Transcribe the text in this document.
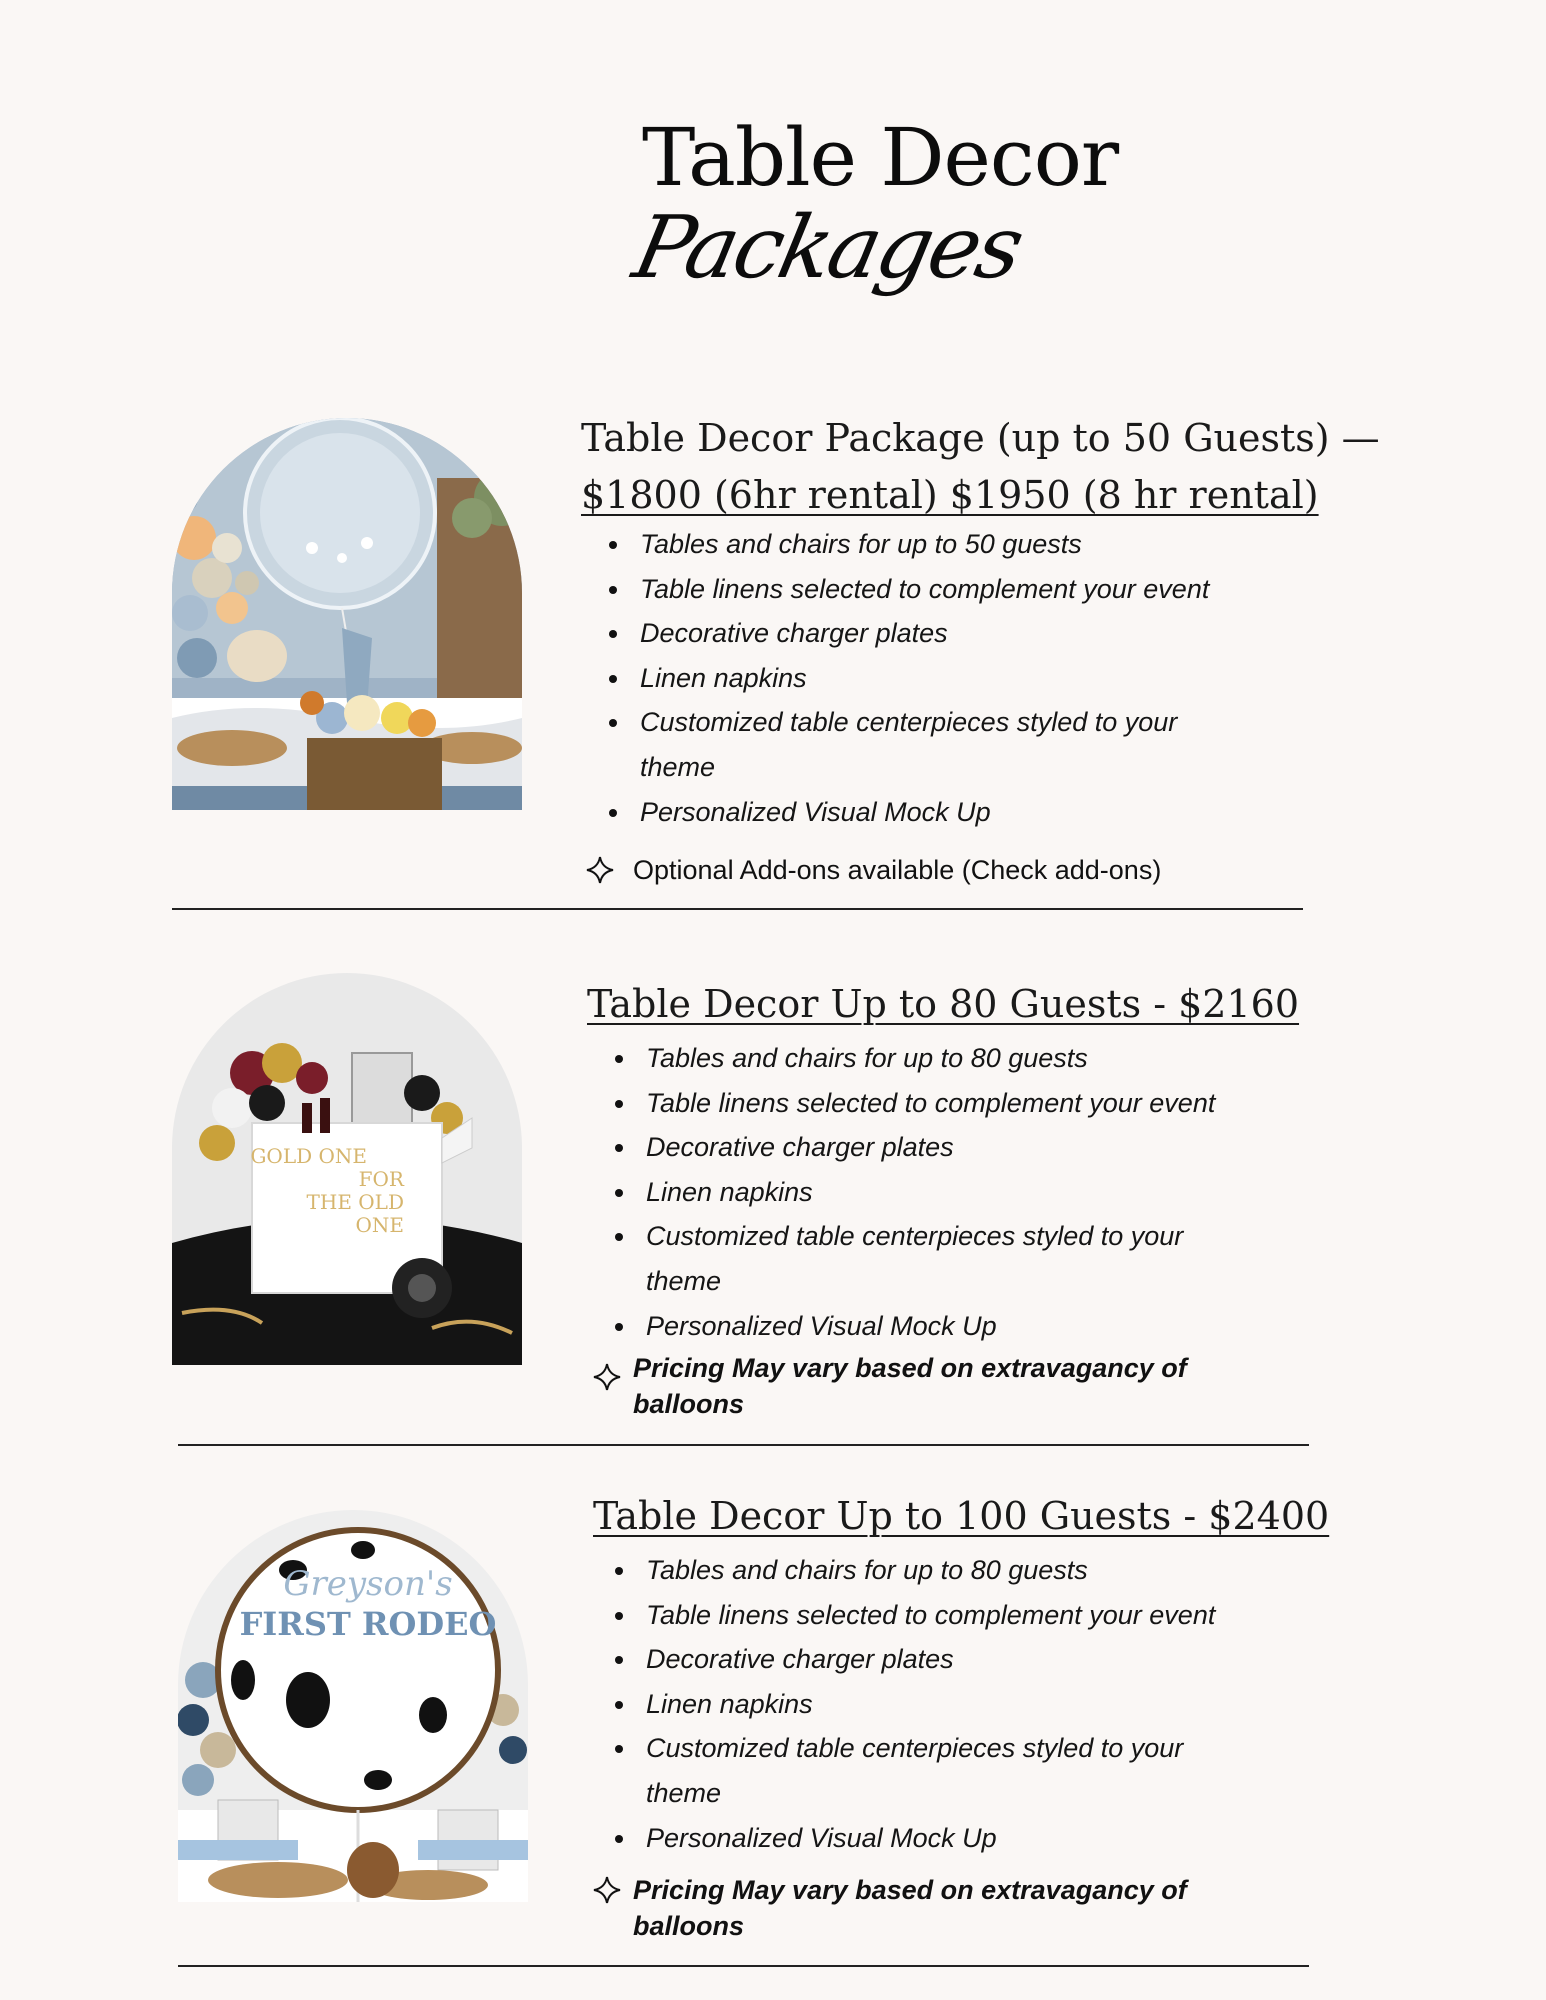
Table Decor
Packages
Table Decor Package (up to 50 Guests) —
$1800 (6hr rental) $1950 (8 hr rental)
Tables and chairs for up to 50 guests
Table linens selected to complement your event
Decorative charger plates
Linen napkins
Customized table centerpieces styled to your theme
Personalized Visual Mock Up
Optional Add-ons available (Check add-ons)
GOLD ONE
FOR
THE OLD
ONE
Table Decor Up to 80 Guests - $2160
Tables and chairs for up to 80 guests
Table linens selected to complement your event
Decorative charger plates
Linen napkins
Customized table centerpieces styled to your theme
Personalized Visual Mock Up
Pricing May vary based on extravagancy of balloons
Greyson's
FIRST RODEO
Table Decor Up to 100 Guests - $2400
Tables and chairs for up to 80 guests
Table linens selected to complement your event
Decorative charger plates
Linen napkins
Customized table centerpieces styled to your theme
Personalized Visual Mock Up
Pricing May vary based on extravagancy of balloons
